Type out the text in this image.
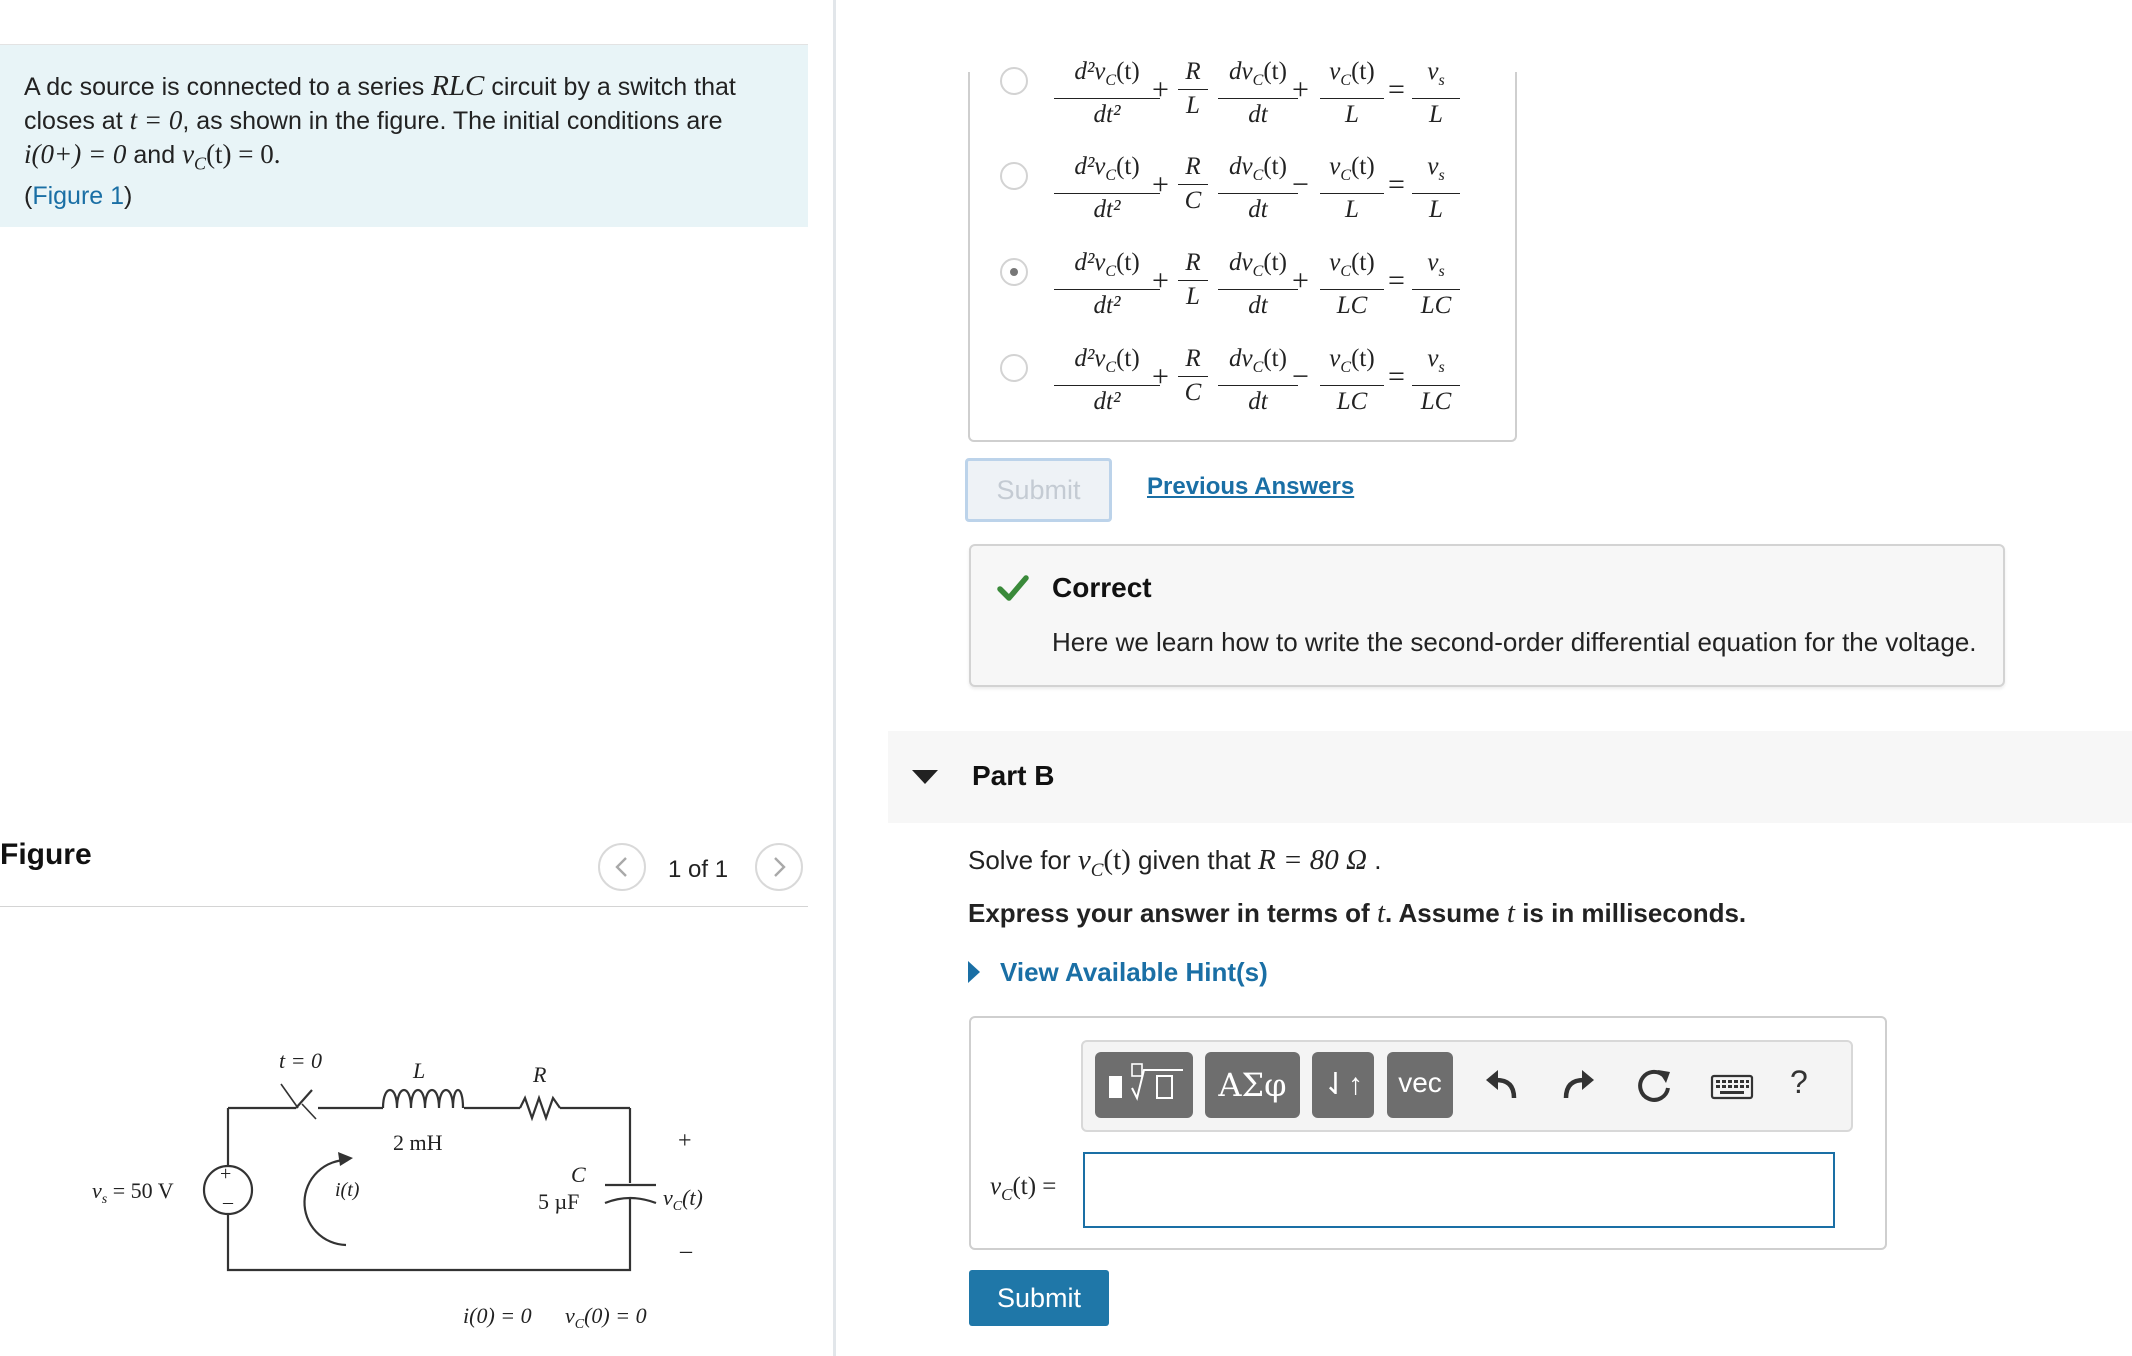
A dc source is connected to a series RLC circuit by a switch that closes at t = 0, as shown in the figure. The initial conditions are
i(0+) = 0 and $v_C(t) = 0$.
(Figure 1)
Figure	1 of 1
t = 0	L
2 mH
R
C
5 µF
$v_s = 50$ V	i(t)	$v_C(t)$
+
–
i(0) = 0 $v_C(0) = 0$
+
–
$d^2v_C(t)$
dt²
+
R
L
$dv_C(t)$
dt
+
$v_C(t)$
L
=
$v_s$
L
$d^2v_C(t)$
dt²
+
R
C
$dv_C(t)$
dt
−
$v_C(t)$
L
=
$v_s$
L
$d^2v_C(t)$
dt²
+
R
L
$dv_C(t)$
dt
+
$v_C(t)$
LC
=
$v_s$
LC
$d^2v_C(t)$
dt²
+
R
C
$dv_C(t)$
dt
−
$v_C(t)$
LC
=
$v_s$
LC
Submit	Previous Answers
Correct
Here we learn how to write the second-order differential equation for the voltage.
Part B
Solve for $v_C(t)$ given that R = 80 Ω .
Express your answer in terms of t. Assume t is in milliseconds.
View Available Hint(s)
ΑΣφ	⇃↑	vec	?
$v_C(t)$ =
Submit
